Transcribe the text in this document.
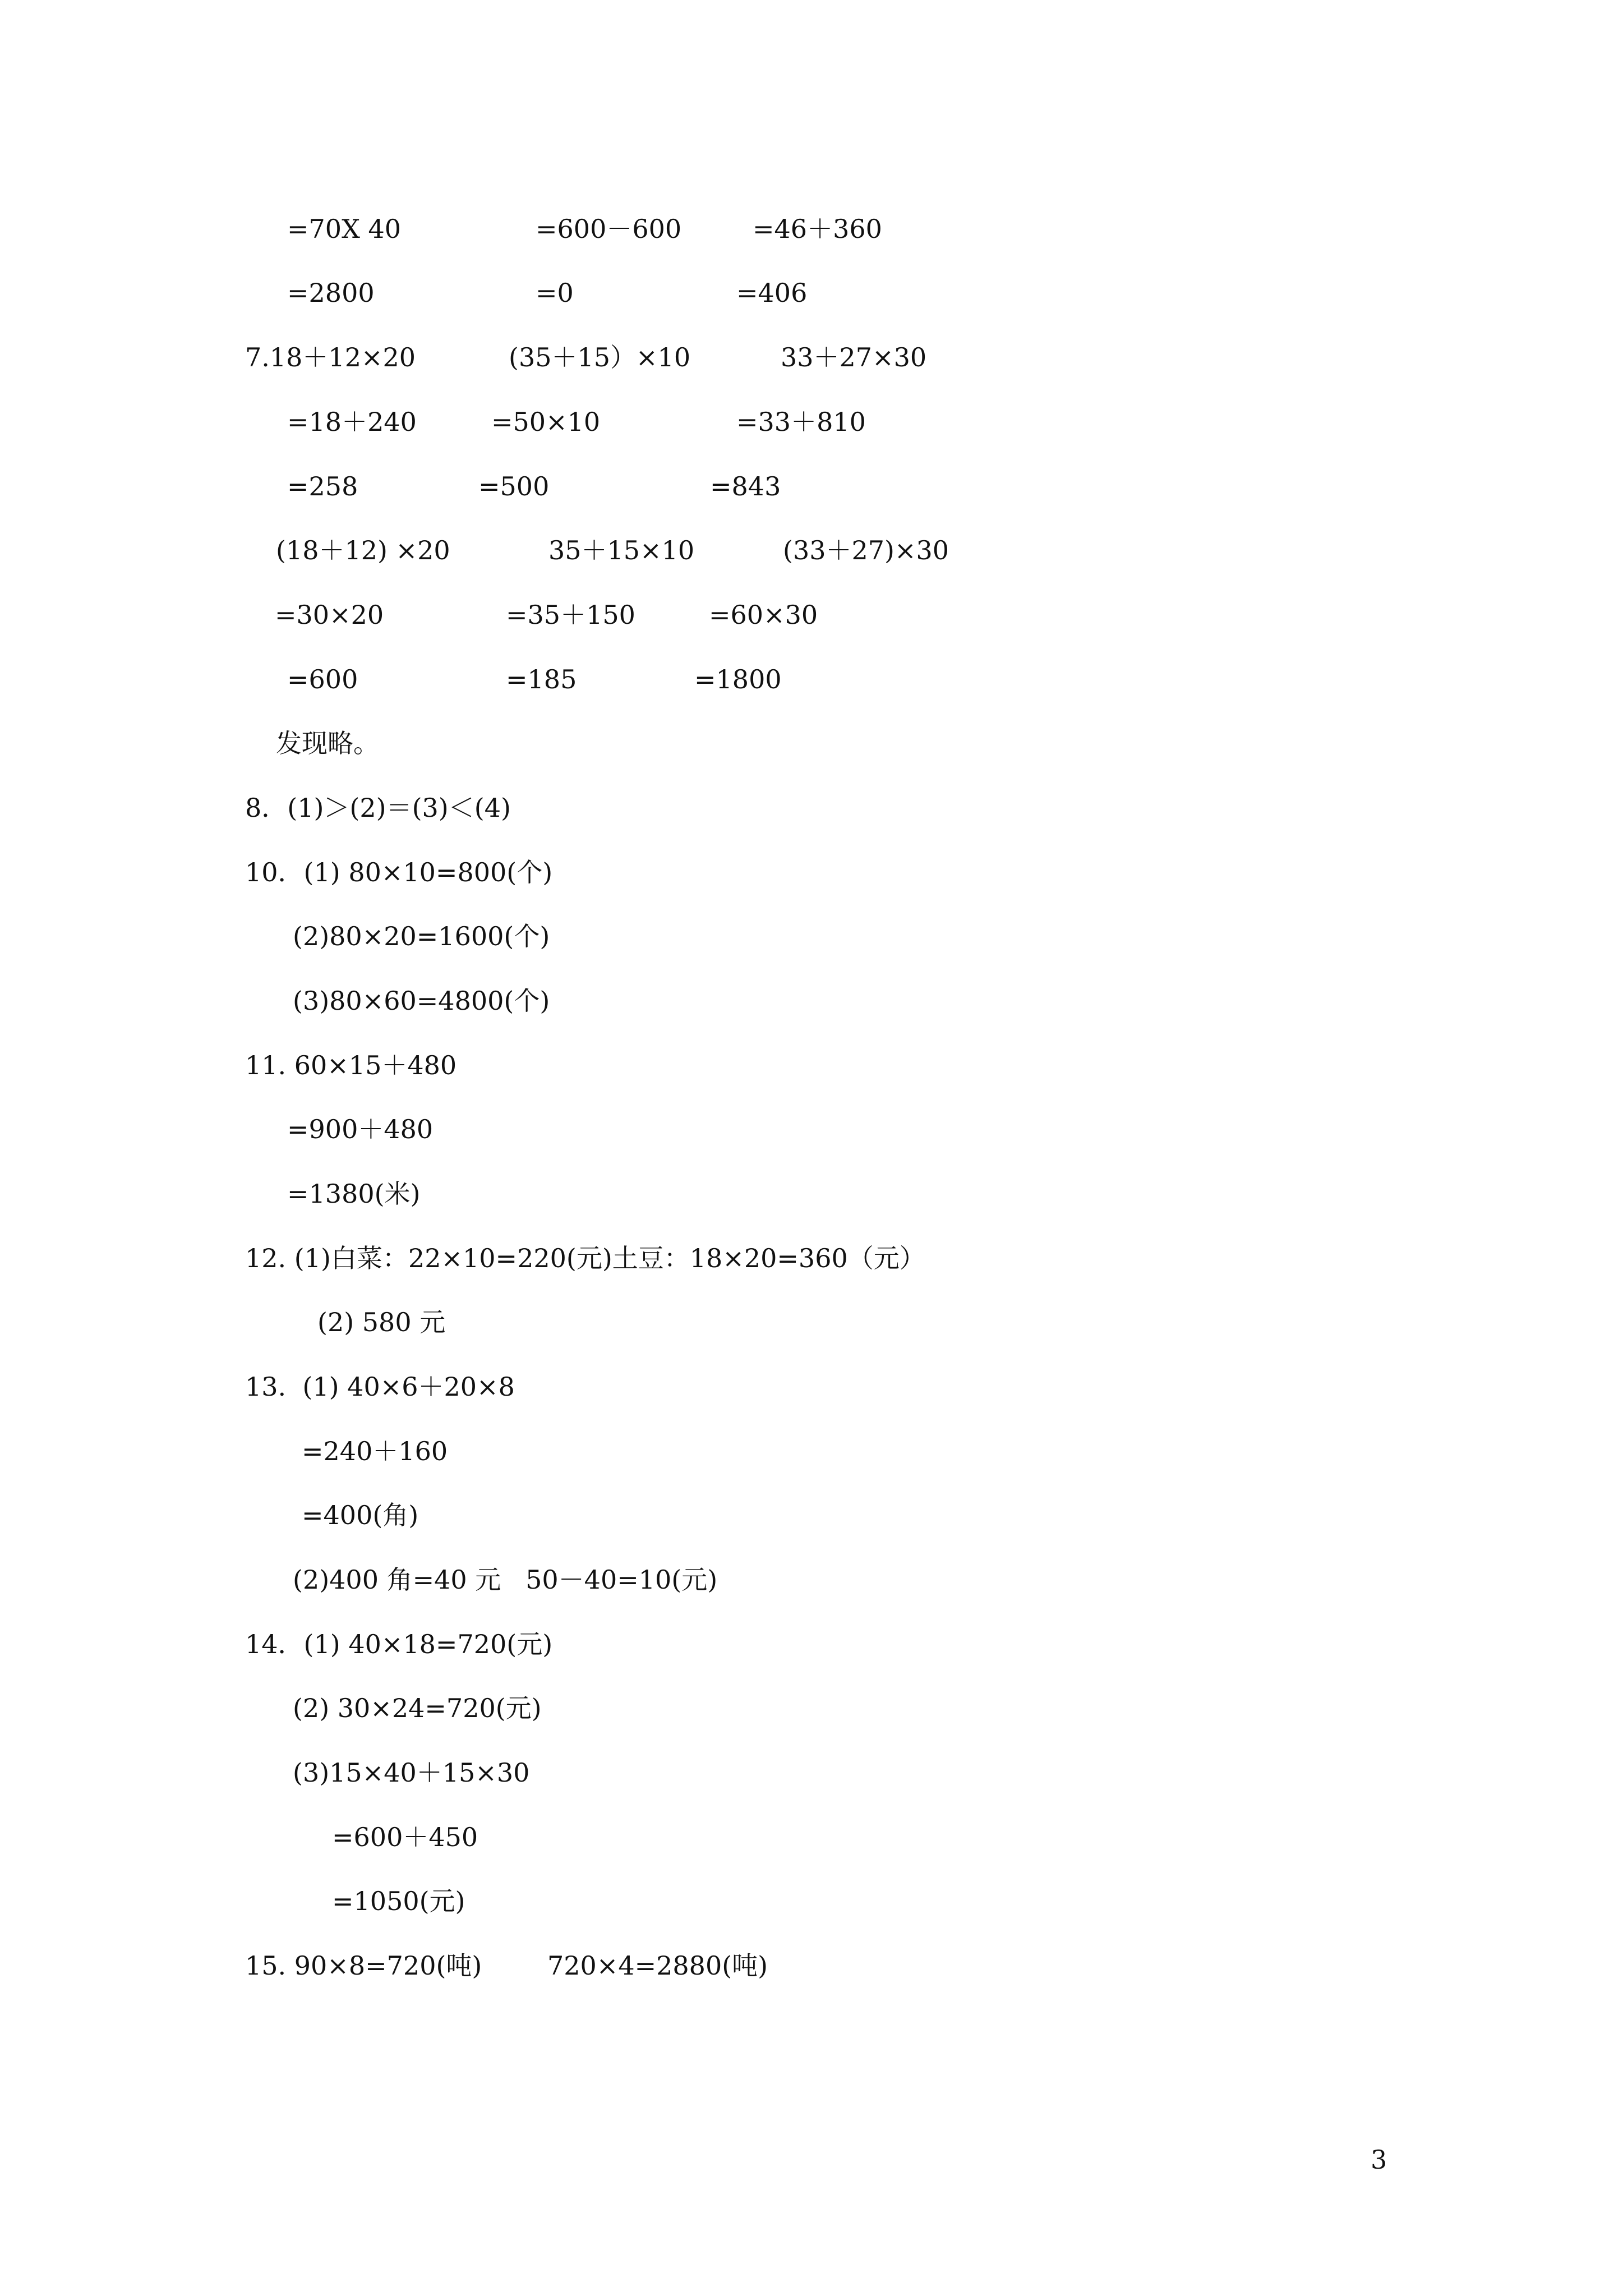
=70X 40	=600－600	=46＋360
=2800	=0	=406
7.18＋12×20	(35＋15）×10	33＋27×30
=18＋240	=50×10	=33＋810
=258	=500	=843
(18＋12) ×20	35＋15×10	(33＋27)×30
=30×20	=35＋150	=60×30
=600	=185	=1800
发现略。
8．(1)＞(2)＝(3)＜(4)
10．(1) 80×10=800(个)
(2)80×20=1600(个)
(3)80×60=4800(个)
11. 60×15＋480
=900＋480
=1380(米)
12. (1)白菜：22×10=220(元)土豆：18×20=360（元）
(2) 580 元
13.  (1) 40×6＋20×8
=240＋160
=400(角)
(2)400 角=40 元   50－40=10(元)
14．(1) 40×18=720(元)
(2) 30×24=720(元)
(3)15×40＋15×30
=600＋450
=1050(元)
15. 90×8=720(吨)	720×4=2880(吨)
3
